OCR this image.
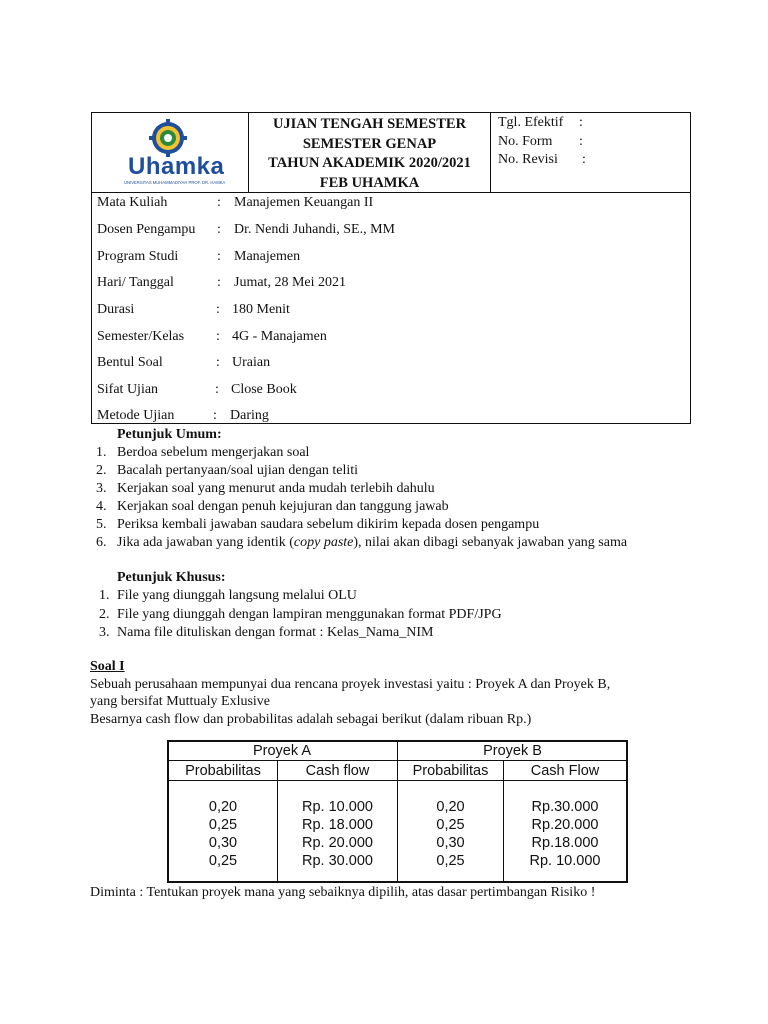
Uhamka
UNIVERSITAS MUHAMMADIYAH PROF. DR. HAMKA
UJIAN TENGAH SEMESTER
SEMESTER GENAP
TAHUN AKADEMIK 2020/2021
FEB UHAMKA
Tgl. Efektif :
No. Form :
No. Revisi :
Mata Kuliah	: Manajemen Keuangan II
Dosen Pengampu : Dr. Nendi Juhandi, SE., MM
Program Studi	: Manajemen
Hari/ Tanggal	: Jumat, 28 Mei 2021
Durasi	: 180 Menit
Semester/Kelas : 4G - Manajamen
Bentul Soal	: Uraian
Sifat Ujian	: Close Book
Metode Ujian	: Daring
Petunjuk Umum:
1. Berdoa sebelum mengerjakan soal
2. Bacalah pertanyaan/soal ujian dengan teliti
3. Kerjakan soal yang menurut anda mudah terlebih dahulu
4. Kerjakan soal dengan penuh kejujuran dan tanggung jawab
5. Periksa kembali jawaban saudara sebelum dikirim kepada dosen pengampu
6. Jika ada jawaban yang identik (copy paste), nilai akan dibagi sebanyak jawaban yang sama
Petunjuk Khusus:
1. File yang diunggah langsung melalui OLU
2. File yang diunggah dengan lampiran menggunakan format PDF/JPG
3. Nama file dituliskan dengan format : Kelas_Nama_NIM
Soal I
Sebuah perusahaan mempunyai dua rencana proyek investasi yaitu : Proyek A dan Proyek B,
yang bersifat Muttualy Exlusive
Besarnya cash flow dan probabilitas adalah sebagai berikut (dalam ribuan Rp.)
Proyek A	Proyek B
Probabilitas	Cash flow	Probabilitas	Cash Flow
0,20	Rp. 10.000	0,20	Rp.30.000
0,25	Rp. 18.000	0,25	Rp.20.000
0,30	Rp. 20.000	0,30	Rp.18.000
0,25	Rp. 30.000	0,25	Rp. 10.000
Diminta : Tentukan proyek mana yang sebaiknya dipilih, atas dasar pertimbangan Risiko !
